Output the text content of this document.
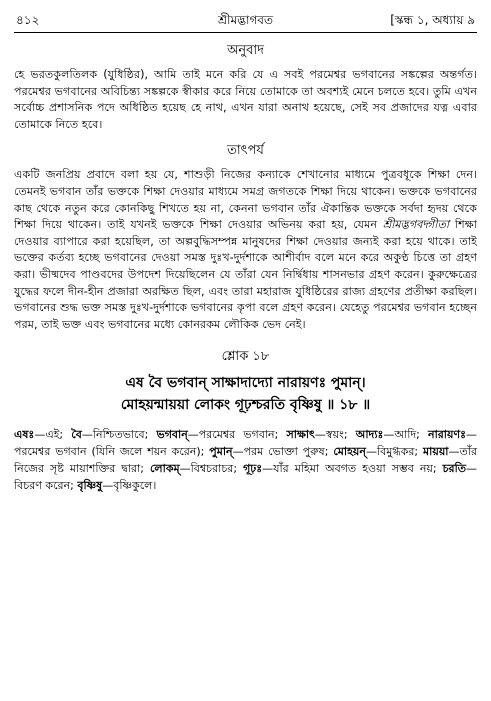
৪১২	শ্রীমদ্ভাগবত	[স্কন্ধ ১, অধ্যায় ৯
অনুবাদ

হে ভরতকুলতিলক (যুধিষ্ঠির), আমি তাই মনে করি যে এ সবই পরমেশ্বর ভগবানের সঙ্কল্পের অন্তর্গত। পরমেশ্বর ভগবানের অবিচিন্ত্য সঙ্কল্পকে স্বীকার করে নিয়ে তোমাকে তা অবশ্যই মেনে চলতে হবে। তুমি এখন সর্বোচ্চ প্রশাসনিক পদে অধিষ্ঠিত হয়েছ হে নাথ, এখন যারা অনাথ হয়েছে, সেই সব প্রজাদের যত্ন এবার তোমাকে নিতে হবে।

তাৎপর্য

একটি জনপ্রিয় প্রবাদে বলা হয় যে, শাশুড়ী নিজের কন্যাকে শেখানোর মাধ্যমে পুত্রবধূকে শিক্ষা দেন। তেমনই ভগবান তাঁর ভক্তকে শিক্ষা দেওয়ার মাধ্যমে সমগ্র জগতকে শিক্ষা দিয়ে থাকেন। ভক্তকে ভগবানের কাছ থেকে নতুন করে কোনকিছু শিখতে হয় না, কেননা ভগবান তাঁর ঐকান্তিক ভক্তকে সর্বদা হৃদয় থেকে শিক্ষা দিয়ে থাকেন। তাই যখনই ভক্তকে শিক্ষা দেওয়ার অভিনয় করা হয়, যেমন শ্রীমদ্ভগবদ্গীতা শিক্ষা দেওয়ার ব্যাপারে করা হয়েছিল, তা অল্পবুদ্ধিসম্পন্ন মানুষদের শিক্ষা দেওয়ার জন্যই করা হয়ে থাকে। তাই ভক্তের কর্তব্য হচ্ছে ভগবানের দেওয়া সমস্ত দুঃখ-দুর্দশাকে আশীর্বাদ বলে মনে করে অকুণ্ঠ চিত্তে তা গ্রহণ করা। ভীষ্মদেব পাণ্ডবদের উপদেশ দিয়েছিলেন যে তাঁরা যেন নির্দ্বিধায় শাসনভার গ্রহণ করেন। কুরুক্ষেত্রের যুদ্ধের ফলে দীন-হীন প্রজারা অরক্ষিত ছিল, এবং তারা মহারাজ যুধিষ্ঠিরের রাজ্য গ্রহণের প্রতীক্ষা করছিল। ভগবানের শুদ্ধ ভক্ত সমস্ত দুঃখ-দুর্দশাকে ভগবানের কৃপা বলে গ্রহণ করেন। যেহেতু পরমেশ্বর ভগবান হচ্ছেন পরম, তাই ভক্ত এবং ভগবানের মধ্যে কোনরকম লৌকিক ভেদ নেই।

শ্লোক ১৮

এষ বৈ ভগবান্ সাক্ষাদাদ্যো নারায়ণঃ পুমান্।

মোহয়ন্মায়য়া লোকং গূঢ়শ্চরতি বৃষ্ণিষু ॥ ১৮ ॥

এষঃ—এই; বৈ—নিশ্চিতভাবে; ভগবান্—পরমেশ্বর ভগবান; সাক্ষাৎ—স্বয়ং; আদ্যঃ—আদি; নারায়ণঃ—পরমেশ্বর ভগবান (যিনি জলে শয়ন করেন); পুমান্—পরম ভোক্তা পুরুষ; মোহয়ন্—বিমুগ্ধকর; মায়য়া—তাঁর নিজের সৃষ্ট মায়াশক্তির দ্বারা; লোকম্—বিশ্বচরাচর; গূঢ়ঃ—যাঁর মহিমা অবগত হওয়া সম্ভব নয়; চরতি—বিচরণ করেন; বৃষ্ণিষু—বৃষ্ণিকুলে।
